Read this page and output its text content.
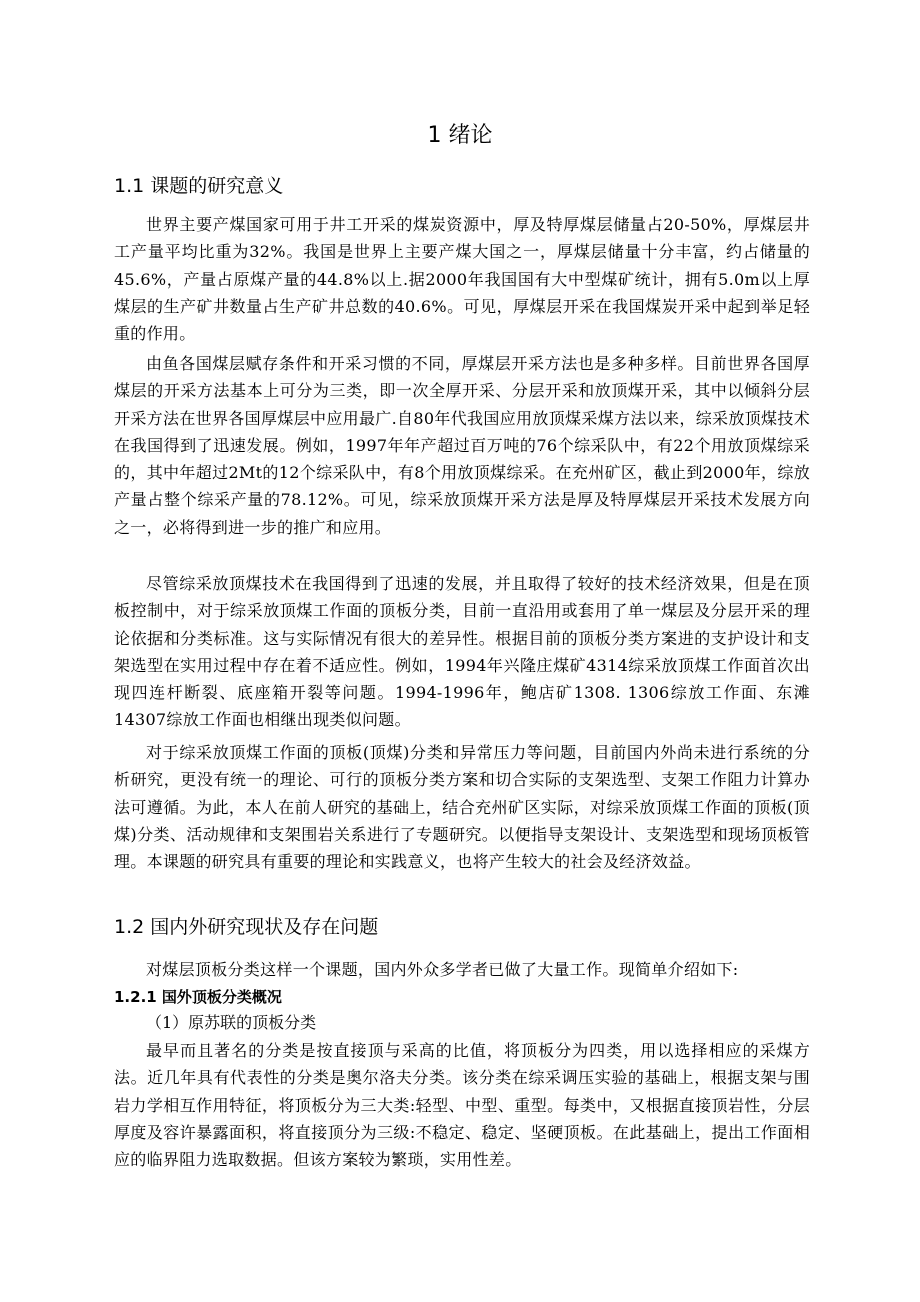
1 绪论
1.1 课题的研究意义

世界主要产煤国家可用于井工开采的煤炭资源中，厚及特厚煤层储量占20-50%，厚煤层井工产量平均比重为32%。我国是世界上主要产煤大国之一，厚煤层储量十分丰富，约占储量的45.6%，产量占原煤产量的44.8%以上.据2000年我国国有大中型煤矿统计，拥有5.0m以上厚煤层的生产矿井数量占生产矿井总数的40.6%。可见，厚煤层开采在我国煤炭开采中起到举足轻重的作用。

由鱼各国煤层赋存条件和开采习惯的不同，厚煤层开采方法也是多种多样。目前世界各国厚煤层的开采方法基本上可分为三类，即一次全厚开采、分层开采和放顶煤开采，其中以倾斜分层开采方法在世界各国厚煤层中应用最广.自80年代我国应用放顶煤采煤方法以来，综采放顶煤技术在我国得到了迅速发展。例如，1997年年产超过百万吨的76个综采队中，有22个用放顶煤综采的，其中年超过2Mt的12个综采队中，有8个用放顶煤综采。在充州矿区，截止到2000年，综放产量占整个综采产量的78.12%。可见，综采放顶煤开采方法是厚及特厚煤层开采技术发展方向之一，必将得到进一步的推广和应用。

尽管综采放顶煤技术在我国得到了迅速的发展，并且取得了较好的技术经济效果，但是在顶板控制中，对于综采放顶煤工作面的顶板分类，目前一直沿用或套用了单一煤层及分层开采的理论依据和分类标准。这与实际情况有很大的差异性。根据目前的顶板分类方案进的支护设计和支架选型在实用过程中存在着不适应性。例如，1994年兴隆庄煤矿4314综采放顶煤工作面首次出现四连杆断裂、底座箱开裂等问题。1994-1996年，鲍店矿1308. 1306综放工作面、东滩14307综放工作面也相继出现类似问题。

对于综采放顶煤工作面的顶板(顶煤)分类和异常压力等问题，目前国内外尚未进行系统的分析研究，更没有统一的理论、可行的顶板分类方案和切合实际的支架选型、支架工作阻力计算办法可遵循。为此，本人在前人研究的基础上，结合充州矿区实际，对综采放顶煤工作面的顶板(顶煤)分类、活动规律和支架围岩关系进行了专题研究。以便指导支架设计、支架选型和现场顶板管理。本课题的研究具有重要的理论和实践意义，也将产生较大的社会及经济效益。

1.2 国内外研究现状及存在问题

对煤层顶板分类这样一个课题，国内外众多学者已做了大量工作。现简单介绍如下:

1.2.1 国外顶板分类概况
（1）原苏联的顶板分类

最早而且著名的分类是按直接顶与采高的比值，将顶板分为四类，用以选择相应的采煤方法。近几年具有代表性的分类是奥尔洛夫分类。该分类在综采调压实验的基础上，根据支架与围岩力学相互作用特征，将顶板分为三大类:轻型、中型、重型。每类中，又根据直接顶岩性，分层厚度及容许暴露面积，将直接顶分为三级:不稳定、稳定、坚硬顶板。在此基础上，提出工作面相应的临界阻力选取数据。但该方案较为繁琐，实用性差。
